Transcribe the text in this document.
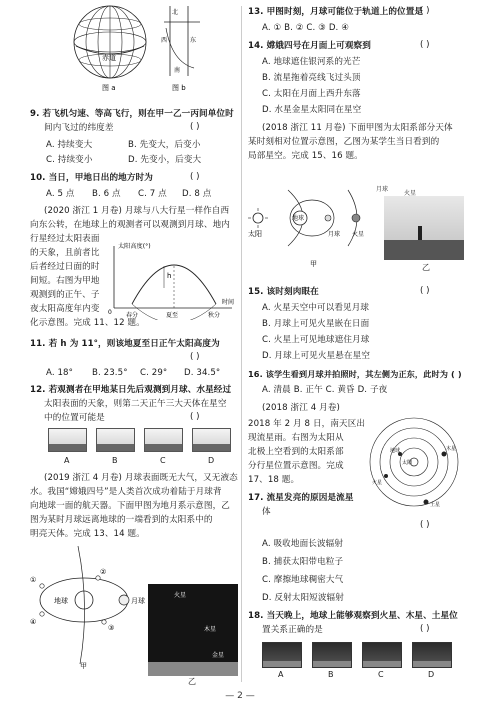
赤道
图 a
北
东
西
南
图 b
9. 若飞机匀速、等高飞行，则在甲一乙一丙间单位时
间内飞过的纬度差	( )
A. 持续变大	B. 先变大，后变小
C. 持续变小	D. 先变小，后变大
10. 当日，甲地日出的地方时为	( )
A. 5 点 B. 6 点 C. 7 点 D. 8 点
(2020 浙江 1 月卷) 月球与八大行星一样作自西
向东公转，在地球上的观测者可以观测到月球、地内
行星经过太阳表面
的天象，且前者比
后者经过日面的时
间短。右图为甲地
观测到的正午、子
夜太阳高度年内变
化示意图。完成 11、12 题。
太阳高度(°)
h
0 春分	夏至	秋分
时间
11. 若 h 为 11°，则该地夏至日正午太阳高度为
( )
A. 18° B. 23.5° C. 29° D. 34.5°
12. 若观测者在甲地某日先后观测到月球、水星经过
太阳表面的天象，则第二天正午三大天体在星空
中的位置可能是	( )
A	B	C	D
(2019 浙江 4 月卷) 月球表面既无大气，又无液态
水。我国“嫦娥四号”是人类首次成功着陆于月球背
向地球一面的航天器。下面甲图为地月系示意图，乙
图为某时月球远离地球的一端看到的太阳系中的
明亮天体。完成 13、14 题。
①
②
③
④
地球	月球
甲
火星
木星
金星
乙
13. 甲图时刻，月球可能位于轨道上的位置是
( )
A. ① B. ② C. ③ D. ④
14. 嫦娥四号在月面上可观察到	( )
A. 地球遮住银河系的光芒
B. 流星拖着亮线飞过头顶
C. 太阳在月面上西升东落
D. 水星金星太阳同在星空
(2018 浙江 11 月卷) 下面甲图为太阳系部分天体
某时刻相对位置示意图，乙图为某学生当日看到的
局部星空。完成 15、16 题。
太阳
地球
月球 火星
甲
月球
火星
乙
15. 该时刻肉眼在	( )
A. 火星天空中可以看见月球
B. 月球上可见火星嵌在日面
C. 火星上可见地球遮住月球
D. 月球上可见火星悬在星空
16. 该学生看到月球并拍照时，其左侧为正东，此时为 ( )
A. 清晨 B. 正午 C. 黄昏 D. 子夜
(2018 浙江 4 月卷)
2018 年 2 月 8 日，南天区出
现流星雨。右图为太阳从
北极上空看到的太阳系部
分行星位置示意图。完成
17、18 题。
太阳
地球
火星
木星
土星
17. 流星发亮的原因是流星
体
( )
A. 吸收地面长波辐射
B. 捕获太阳带电粒子
C. 摩擦地球稠密大气
D. 反射太阳短波辐射
18. 当天晚上，地球上能够观察到火星、木星、土星位
置关系正确的是	( )
A	B	C	D
— 2 —
